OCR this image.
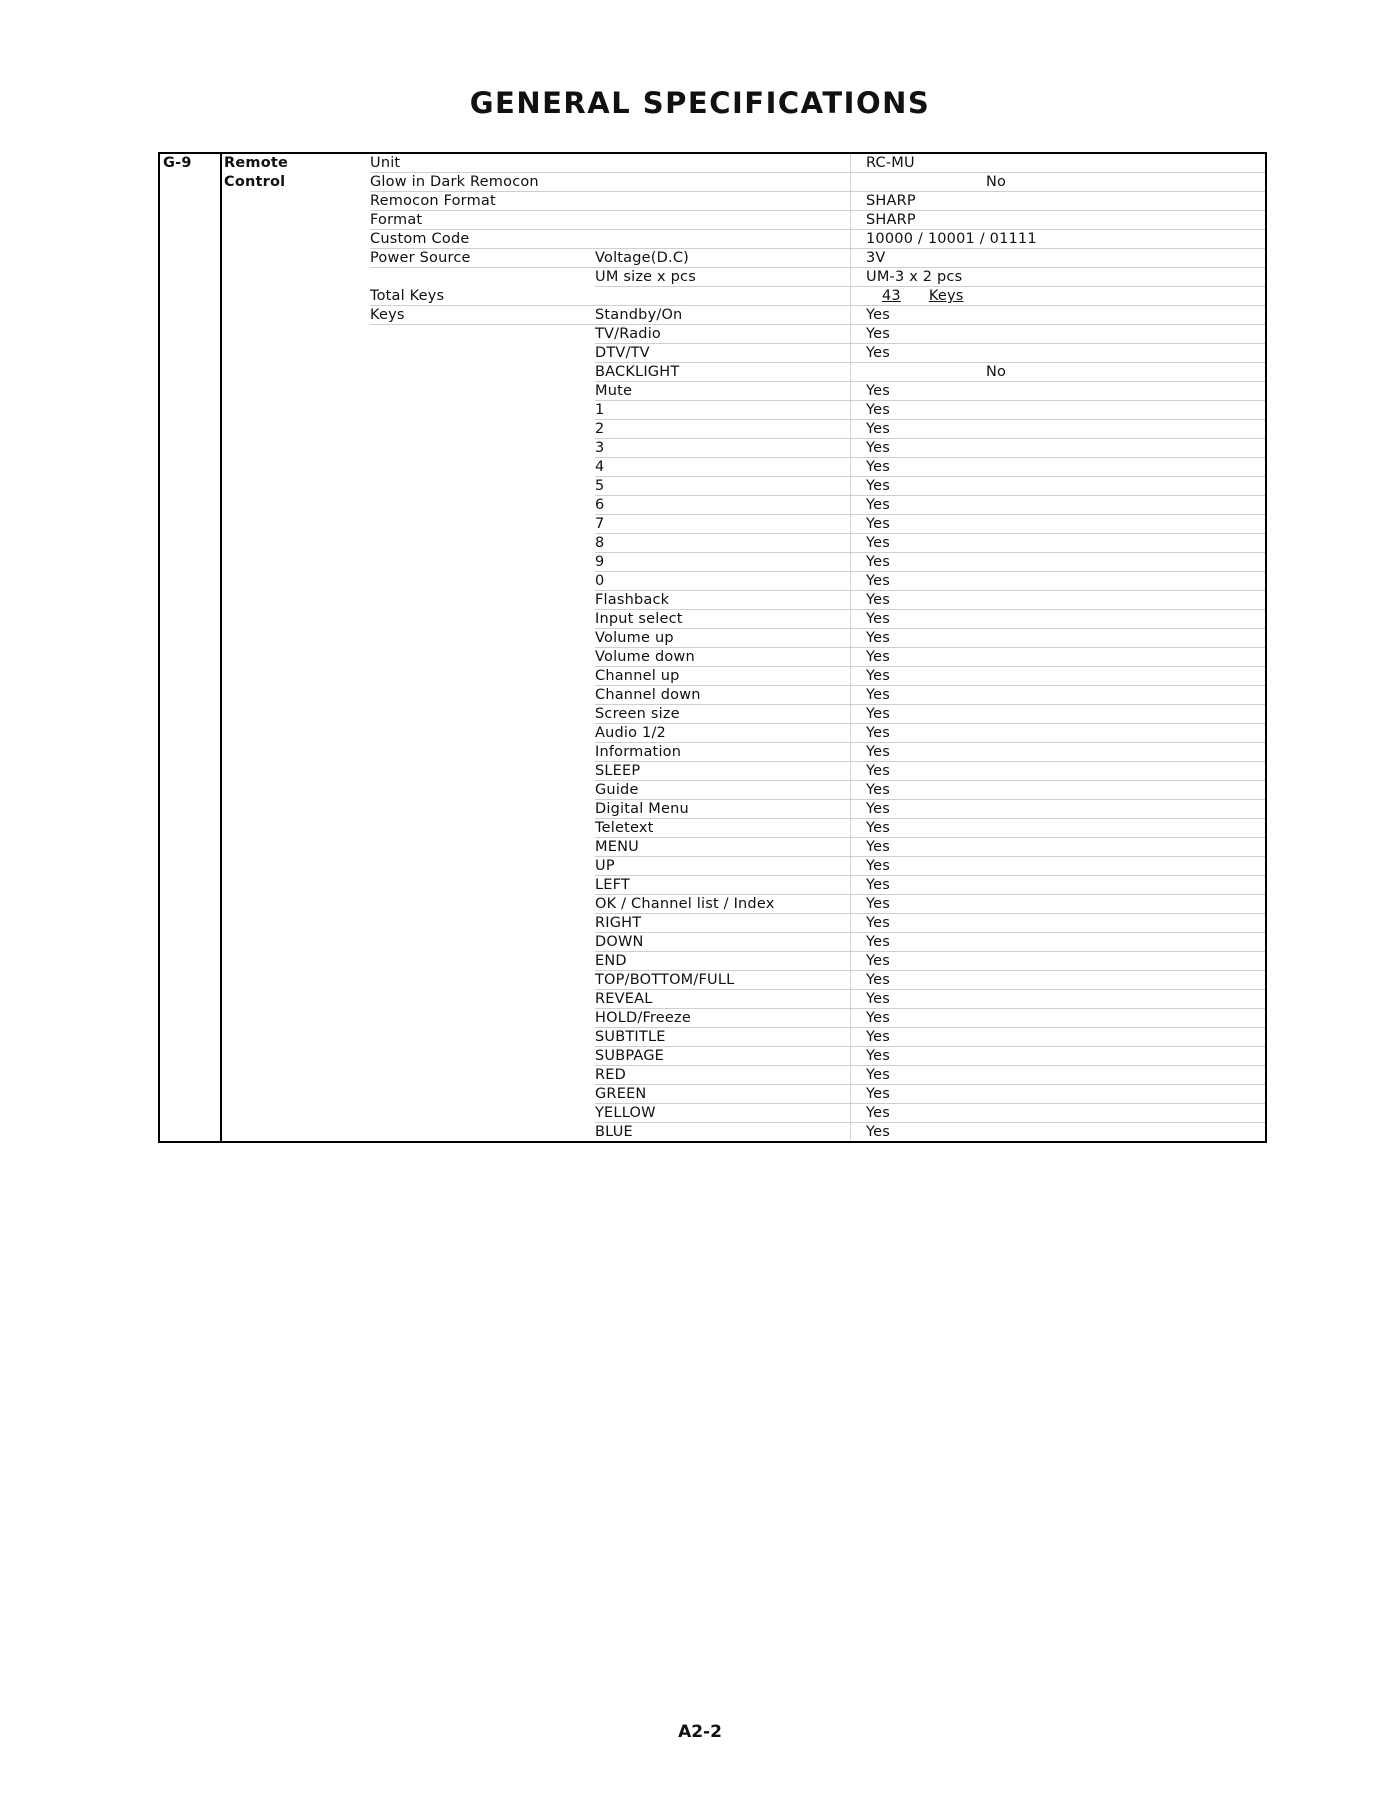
GENERAL SPECIFICATIONS
G-9 Remote	Unit	RC-MU
Control	Glow in Dark Remocon	No
Remocon Format	SHARP
Format	SHARP
Custom Code	10000 / 10001 / 01111
Power Source	Voltage(D.C)	3V
UM size x pcs	UM-3 x 2 pcs
Total Keys	43 Keys
Keys	Standby/On	Yes
TV/Radio	Yes
DTV/TV	Yes
BACKLIGHT	No
Mute	Yes
1	Yes
2	Yes
3	Yes
4	Yes
5	Yes
6	Yes
7	Yes
8	Yes
9	Yes
0	Yes
Flashback	Yes
Input select	Yes
Volume up	Yes
Volume down	Yes
Channel up	Yes
Channel down	Yes
Screen size	Yes
Audio 1/2	Yes
Information	Yes
SLEEP	Yes
Guide	Yes
Digital Menu	Yes
Teletext	Yes
MENU	Yes
UP	Yes
LEFT	Yes
OK / Channel list / Index	Yes
RIGHT	Yes
DOWN	Yes
END	Yes
TOP/BOTTOM/FULL	Yes
REVEAL	Yes
HOLD/Freeze	Yes
SUBTITLE	Yes
SUBPAGE	Yes
RED	Yes
GREEN	Yes
YELLOW	Yes
BLUE	Yes
A2-2
